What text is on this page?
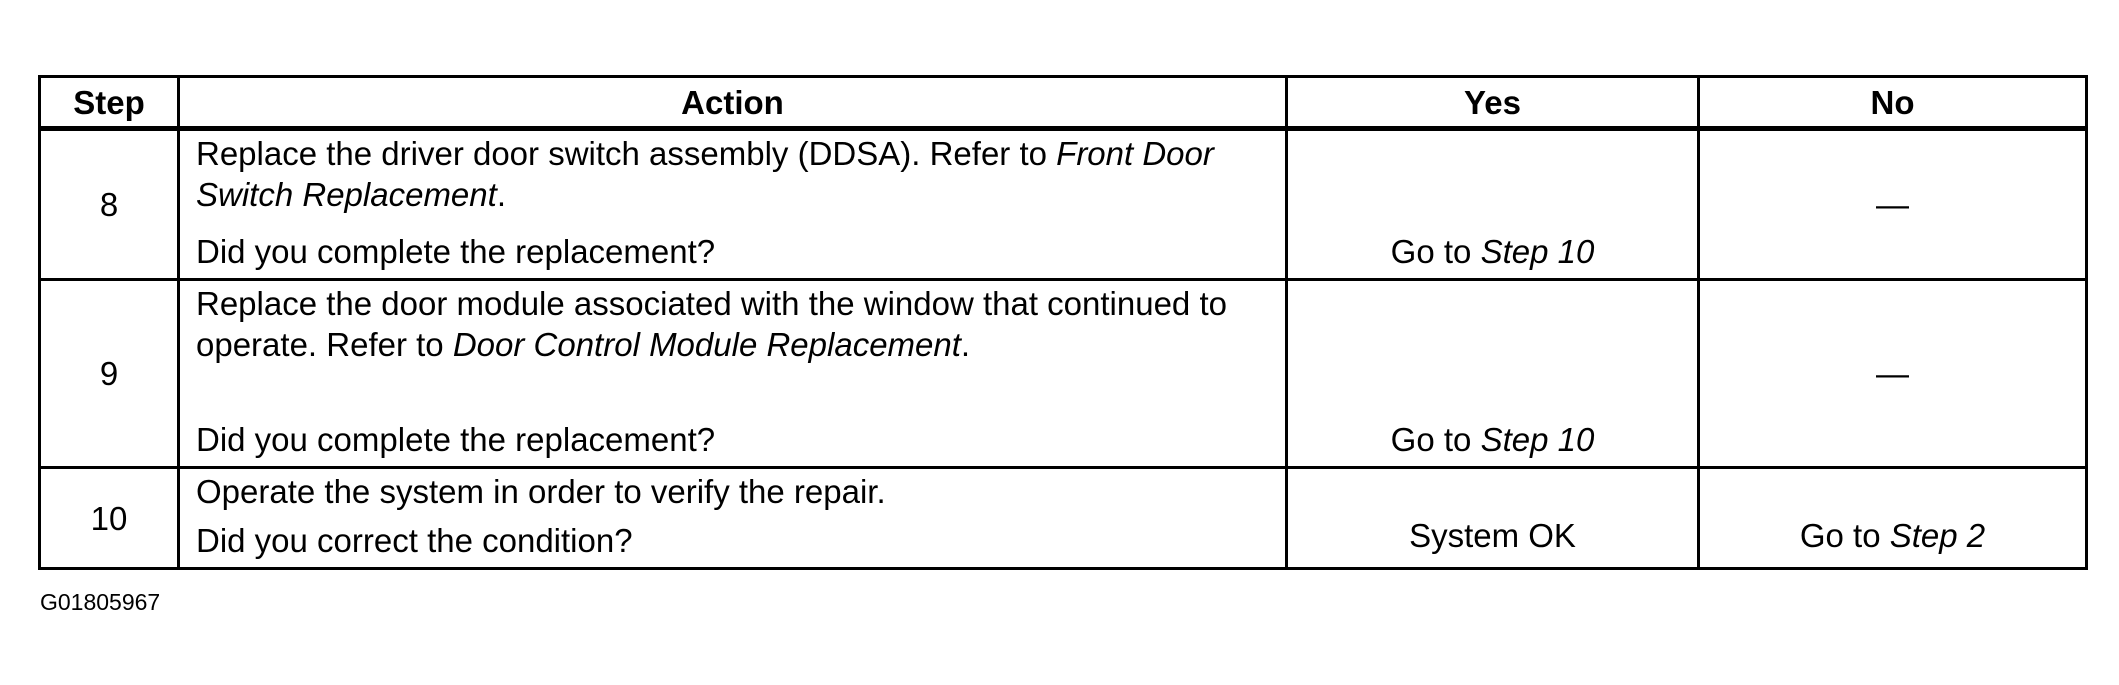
Step	Action	Yes	No
8	Replace the driver door switch assembly (DDSA). Refer to Front Door Switch Replacement.
Did you complete the replacement?	Go to Step 10	—
9	Replace the door module associated with the window that continued to operate. Refer to Door Control Module Replacement.
Did you complete the replacement?	Go to Step 10	—
10	Operate the system in order to verify the repair.
Did you correct the condition?	System OK	Go to Step 2
G01805967
